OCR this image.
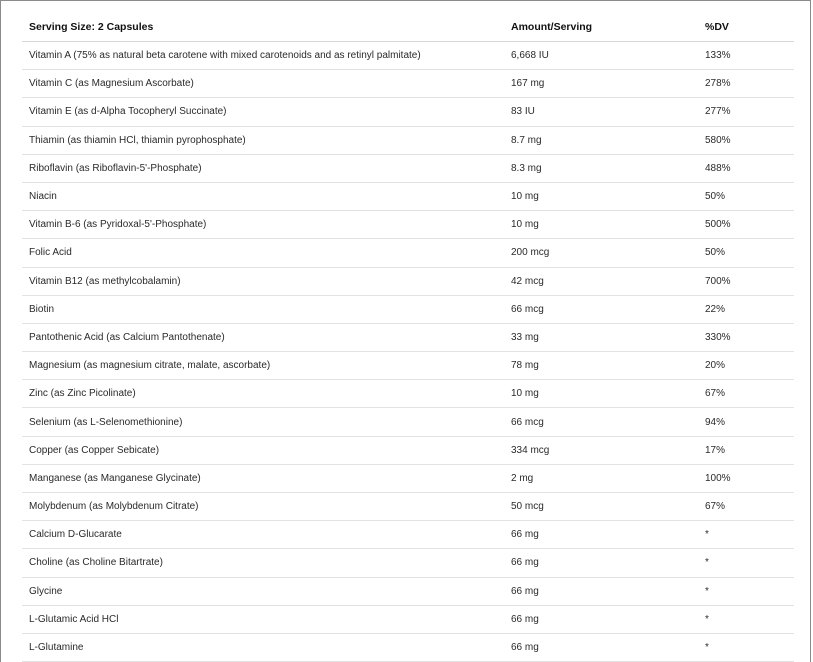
Serving Size: 2 Capsules	Amount/Serving	%DV
Vitamin A (75% as natural beta carotene with mixed carotenoids and as retinyl palmitate)	6,668 IU	133%
Vitamin C (as Magnesium Ascorbate)	167 mg	278%
Vitamin E (as d-Alpha Tocopheryl Succinate)	83 IU	277%
Thiamin (as thiamin HCl, thiamin pyrophosphate)	8.7 mg	580%
Riboflavin (as Riboflavin-5'-Phosphate)	8.3 mg	488%
Niacin	10 mg	50%
Vitamin B-6 (as Pyridoxal-5'-Phosphate)	10 mg	500%
Folic Acid	200 mcg	50%
Vitamin B12 (as methylcobalamin)	42 mcg	700%
Biotin	66 mcg	22%
Pantothenic Acid (as Calcium Pantothenate)	33 mg	330%
Magnesium (as magnesium citrate, malate, ascorbate)	78 mg	20%
Zinc (as Zinc Picolinate)	10 mg	67%
Selenium (as L-Selenomethionine)	66 mcg	94%
Copper (as Copper Sebicate)	334 mcg	17%
Manganese (as Manganese Glycinate)	2 mg	100%
Molybdenum (as Molybdenum Citrate)	50 mcg	67%
Calcium D-Glucarate	66 mg	*
Choline (as Choline Bitartrate)	66 mg	*
Glycine	66 mg	*
L-Glutamic Acid HCl	66 mg	*
L-Glutamine	66 mg	*
